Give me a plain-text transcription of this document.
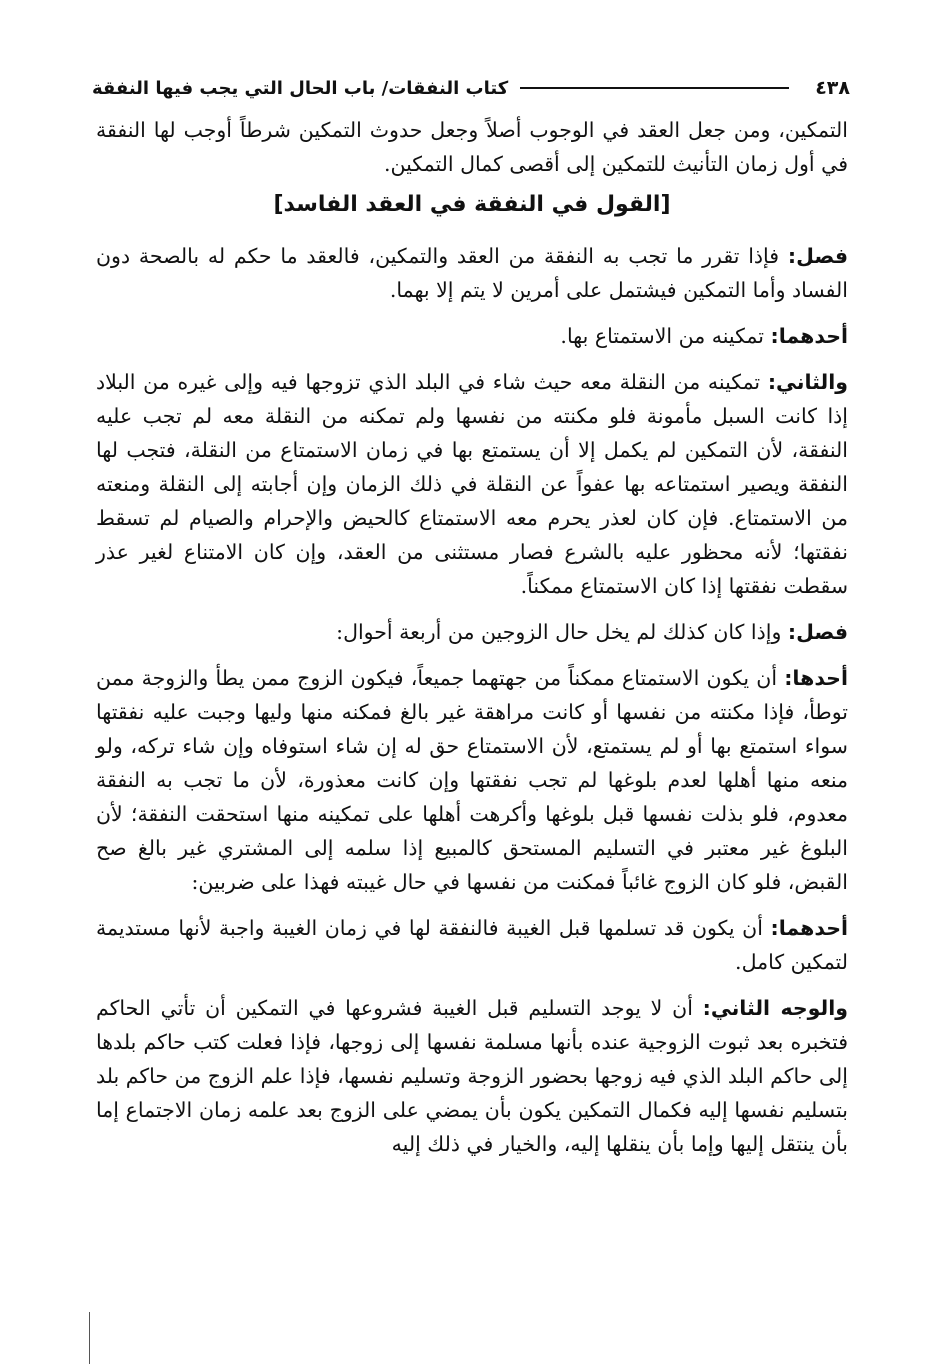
٤٣٨
كتاب النفقات/ باب الحال التي يجب فيها النفقة

التمكين، ومن جعل العقد في الوجوب أصلاً وجعل حدوث التمكين شرطاً أوجب لها النفقة في أول زمان التأنيث للتمكين إلى أقصى كمال التمكين.

[القول في النفقة في العقد الفاسد]

فصل: فإذا تقرر ما تجب به النفقة من العقد والتمكين، فالعقد ما حكم له بالصحة دون الفساد وأما التمكين فيشتمل على أمرين لا يتم إلا بهما.

أحدهما: تمكينه من الاستمتاع بها.

والثاني: تمكينه من النقلة معه حيث شاء في البلد الذي تزوجها فيه وإلى غيره من البلاد إذا كانت السبل مأمونة فلو مكنته من نفسها ولم تمكنه من النقلة معه لم تجب عليه النفقة، لأن التمكين لم يكمل إلا أن يستمتع بها في زمان الاستمتاع من النقلة، فتجب لها النفقة ويصير استمتاعه بها عفواً عن النقلة في ذلك الزمان وإن أجابته إلى النقلة ومنعته من الاستمتاع. فإن كان لعذر يحرم معه الاستمتاع كالحيض والإحرام والصيام لم تسقط نفقتها؛ لأنه محظور عليه بالشرع فصار مستثنى من العقد، وإن كان الامتناع لغير عذر سقطت نفقتها إذا كان الاستمتاع ممكناً.

فصل: وإذا كان كذلك لم يخل حال الزوجين من أربعة أحوال:

أحدها: أن يكون الاستمتاع ممكناً من جهتهما جميعاً، فيكون الزوج ممن يطأ والزوجة ممن توطأ، فإذا مكنته من نفسها أو كانت مراهقة غير بالغ فمكنه منها وليها وجبت عليه نفقتها سواء استمتع بها أو لم يستمتع، لأن الاستمتاع حق له إن شاء استوفاه وإن شاء تركه، ولو منعه منها أهلها لعدم بلوغها لم تجب نفقتها وإن كانت معذورة، لأن ما تجب به النفقة معدوم، فلو بذلت نفسها قبل بلوغها وأكرهت أهلها على تمكينه منها استحقت النفقة؛ لأن البلوغ غير معتبر في التسليم المستحق كالمبيع إذا سلمه إلى المشتري غير بالغ صح القبض، فلو كان الزوج غائباً فمكنت من نفسها في حال غيبته فهذا على ضربين:

أحدهما: أن يكون قد تسلمها قبل الغيبة فالنفقة لها في زمان الغيبة واجبة لأنها مستديمة لتمكين كامل.

والوجه الثاني: أن لا يوجد التسليم قبل الغيبة فشروعها في التمكين أن تأتي الحاكم فتخبره بعد ثبوت الزوجية عنده بأنها مسلمة نفسها إلى زوجها، فإذا فعلت كتب حاكم بلدها إلى حاكم البلد الذي فيه زوجها بحضور الزوجة وتسليم نفسها، فإذا علم الزوج من حاكم بلد بتسليم نفسها إليه فكمال التمكين يكون بأن يمضي على الزوج بعد علمه زمان الاجتماع إما بأن ينتقل إليها وإما بأن ينقلها إليه، والخيار في ذلك إليه
